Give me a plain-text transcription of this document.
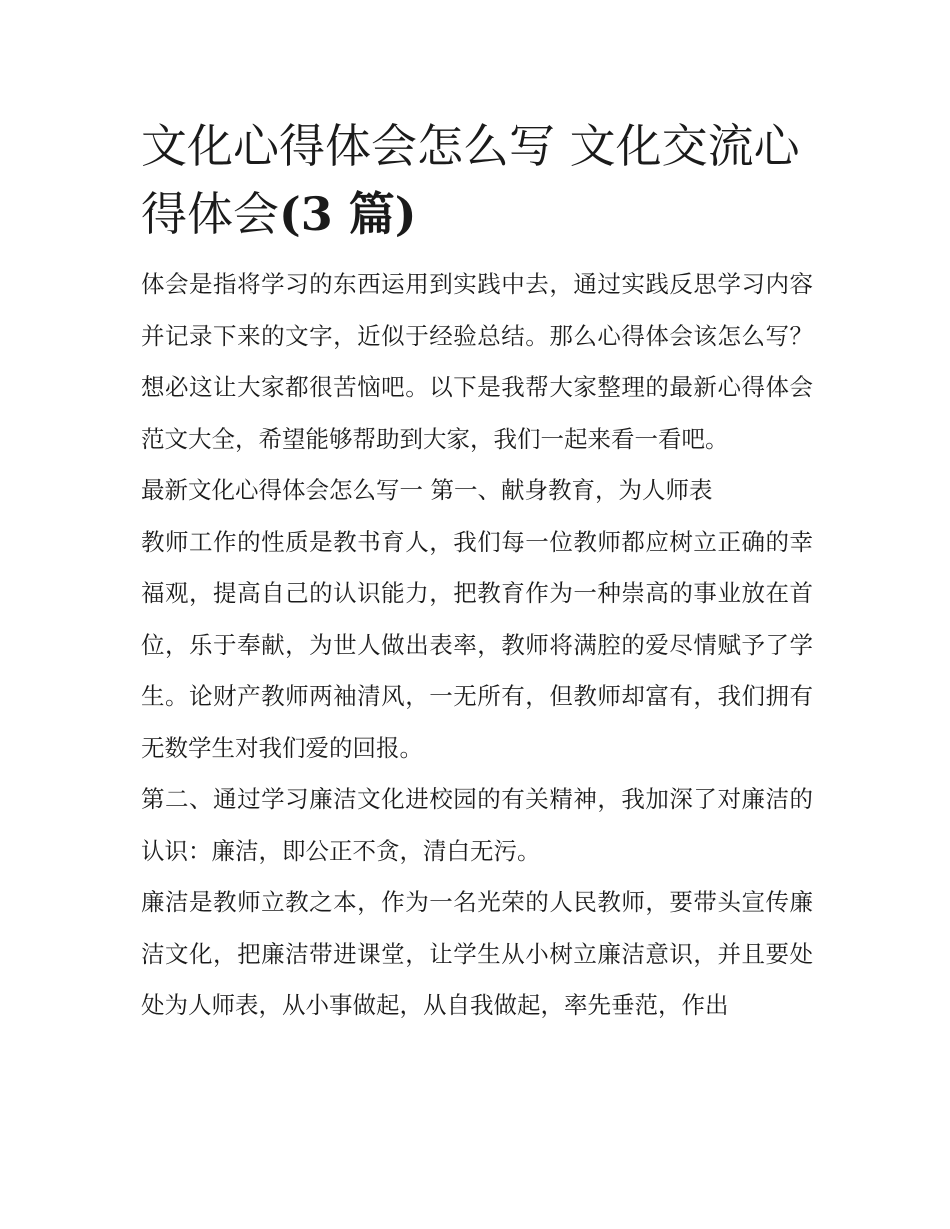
文化心得体会怎么写 文化交流心得体会(3 篇)

体会是指将学习的东西运用到实践中去，通过实践反思学习内容并记录下来的文字，近似于经验总结。那么心得体会该怎么写？想必这让大家都很苦恼吧。以下是我帮大家整理的最新心得体会范文大全，希望能够帮助到大家，我们一起来看一看吧。

最新文化心得体会怎么写一 第一、献身教育，为人师表

教师工作的性质是教书育人，我们每一位教师都应树立正确的幸福观，提高自己的认识能力，把教育作为一种崇高的事业放在首位，乐于奉献，为世人做出表率，教师将满腔的爱尽情赋予了学生。论财产教师两袖清风，一无所有，但教师却富有，我们拥有无数学生对我们爱的回报。

第二、通过学习廉洁文化进校园的有关精神，我加深了对廉洁的认识：廉洁，即公正不贪，清白无污。

廉洁是教师立教之本，作为一名光荣的人民教师，要带头宣传廉洁文化，把廉洁带进课堂，让学生从小树立廉洁意识，并且要处处为人师表，从小事做起，从自我做起，率先垂范，作出
